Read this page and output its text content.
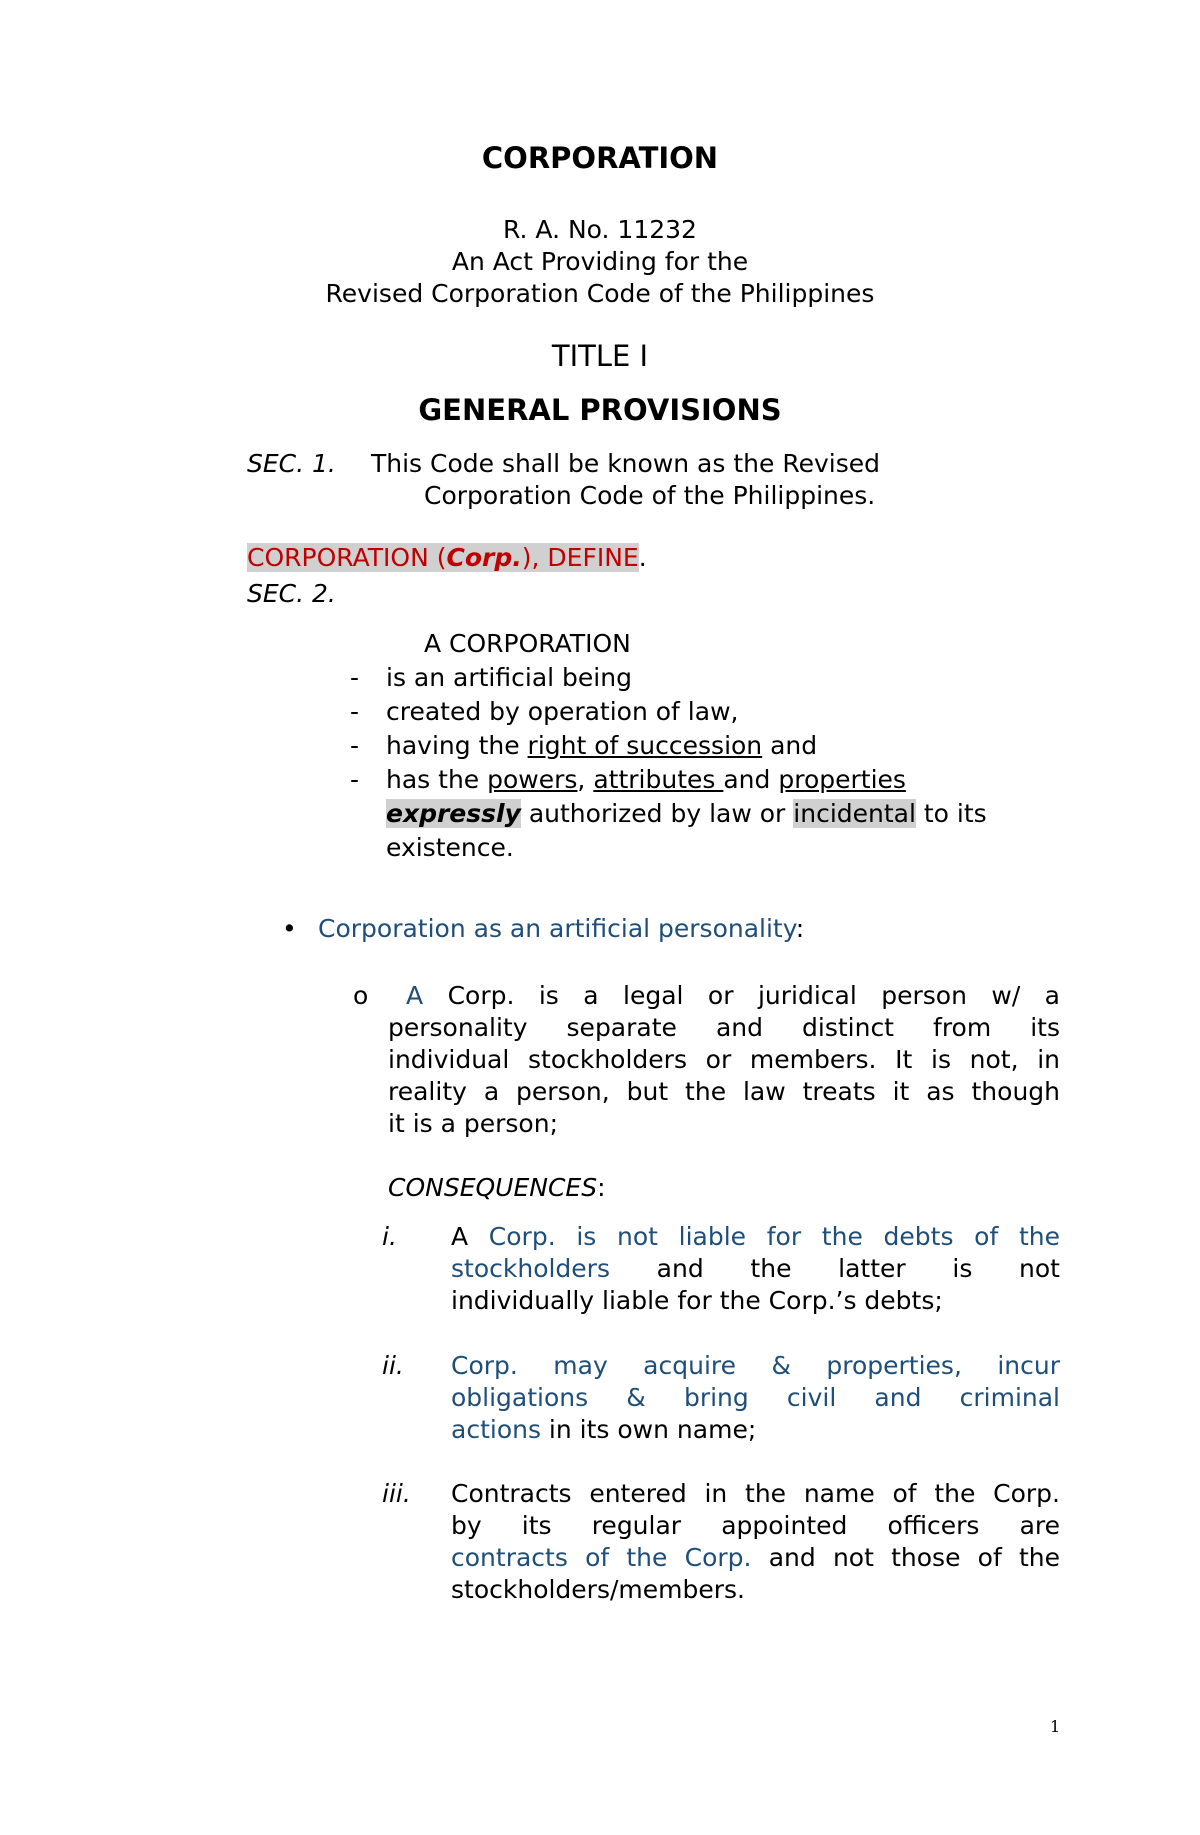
CORPORATION
R. A. No. 11232
An Act Providing for the
Revised Corporation Code of the Philippines
TITLE I
GENERAL PROVISIONS
SEC. 1. This Code shall be known as the Revised
Corporation Code of the Philippines.
CORPORATION (Corp.), DEFINE.
SEC. 2.
A CORPORATION
- is an artificial being
- created by operation of law,
- having the right of succession and
- has the powers, attributes and properties
expressly authorized by law or incidental to its
existence.
• Corporation as an artificial personality:
o A Corp. is a legal or juridical person w/ a
personality separate and distinct from its
individual stockholders or members. It is not, in
reality a person, but the law treats it as though
it is a person;
CONSEQUENCES:
i. A Corp. is not liable for the debts of the
stockholders and the latter is not
individually liable for the Corp.’s debts;
ii. Corp. may acquire & properties, incur
obligations & bring civil and criminal
actions in its own name;
iii. Contracts entered in the name of the Corp.
by its regular appointed officers are
contracts of the Corp. and not those of the
stockholders/members.
1
